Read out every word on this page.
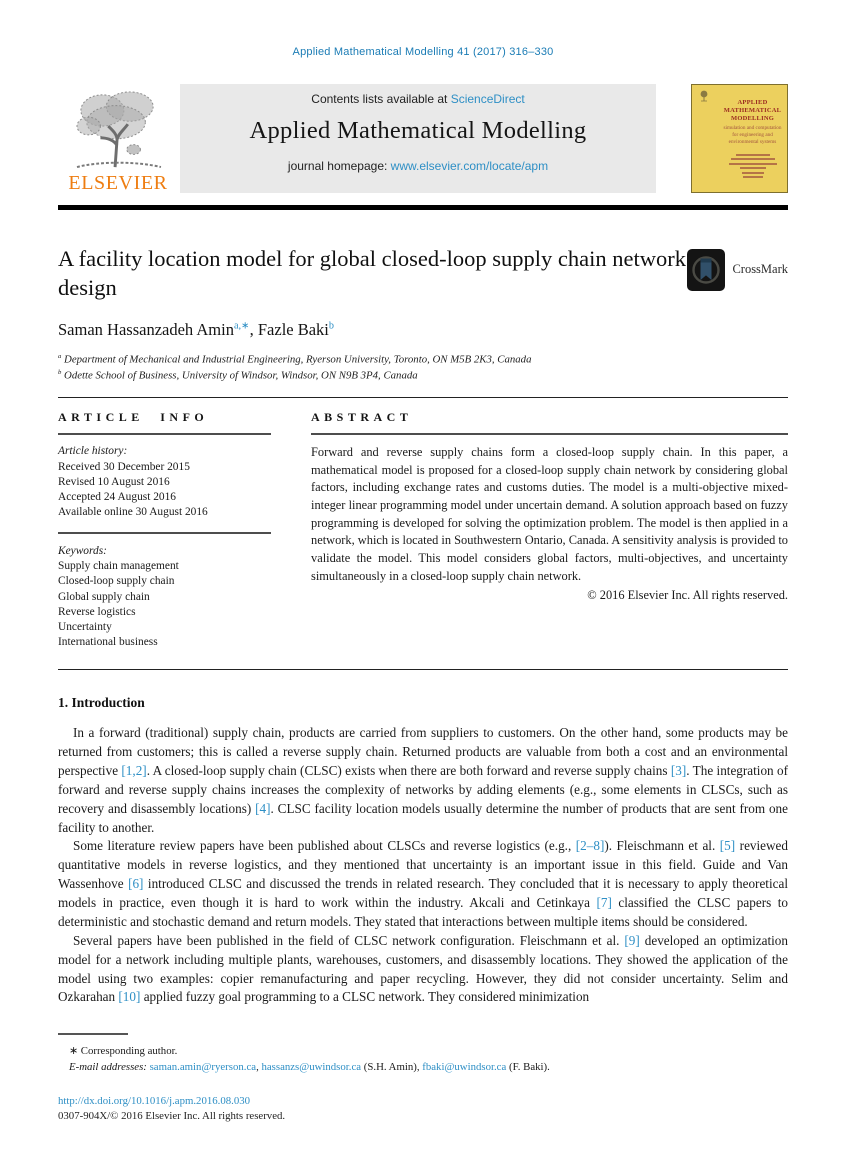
Applied Mathematical Modelling 41 (2017) 316–330
ELSEVIER
Contents lists available at ScienceDirect
Applied Mathematical Modelling
journal homepage: www.elsevier.com/locate/apm
APPLIED MATHEMATICAL MODELLING
simulation and computation for engineering and environmental systems
A facility location model for global closed-loop supply chain network design
CrossMark
Saman Hassanzadeh Amin$^{a,∗}$, Fazle Baki$^b$
$^a$ Department of Mechanical and Industrial Engineering, Ryerson University, Toronto, ON M5B 2K3, Canada
$^b$ Odette School of Business, University of Windsor, Windsor, ON N9B 3P4, Canada
ARTICLE INFO
Article history:
Received 30 December 2015
Revised 10 August 2016
Accepted 24 August 2016
Available online 30 August 2016
Keywords:
Supply chain management
Closed-loop supply chain
Global supply chain
Reverse logistics
Uncertainty
International business
ABSTRACT
Forward and reverse supply chains form a closed-loop supply chain. In this paper, a mathematical model is proposed for a closed-loop supply chain network by considering global factors, including exchange rates and customs duties. The model is a multi-objective mixed-integer linear programming model under uncertain demand. A solution approach based on fuzzy programming is developed for solving the optimization problem. The model is then applied in a network, which is located in Southwestern Ontario, Canada. A sensitivity analysis is provided to validate the model. This model considers global factors, multi-objectives, and uncertainty simultaneously in a closed-loop supply chain network.
© 2016 Elsevier Inc. All rights reserved.
1. Introduction

In a forward (traditional) supply chain, products are carried from suppliers to customers. On the other hand, some products may be returned from customers; this is called a reverse supply chain. Returned products are valuable from both a cost and an environmental perspective [1,2]. A closed-loop supply chain (CLSC) exists when there are both forward and reverse supply chains [3]. The integration of forward and reverse supply chains increases the complexity of networks by adding elements (e.g., some elements in CLSCs, such as recovery and disassembly locations) [4]. CLSC facility location models usually determine the number of products that are sent from one facility to another.

Some literature review papers have been published about CLSCs and reverse logistics (e.g., [2–8]). Fleischmann et al. [5] reviewed quantitative models in reverse logistics, and they mentioned that uncertainty is an important issue in this field. Guide and Van Wassenhove [6] introduced CLSC and discussed the trends in related research. They concluded that it is necessary to apply theoretical models in practice, even though it is hard to work within the industry. Akcali and Cetinkaya [7] classified the CLSC papers to deterministic and stochastic demand and return models. They stated that interactions between multiple items should be considered.

Several papers have been published in the field of CLSC network configuration. Fleischmann et al. [9] developed an optimization model for a network including multiple plants, warehouses, customers, and disassembly locations. They showed the application of the model using two examples: copier remanufacturing and paper recycling. However, they did not consider uncertainty. Selim and Ozkarahan [10] applied fuzzy goal programming to a CLSC network. They considered minimization

∗ Corresponding author.
E-mail addresses: saman.amin@ryerson.ca, hassanzs@uwindsor.ca (S.H. Amin), fbaki@uwindsor.ca (F. Baki).
http://dx.doi.org/10.1016/j.apm.2016.08.030
0307-904X/© 2016 Elsevier Inc. All rights reserved.
